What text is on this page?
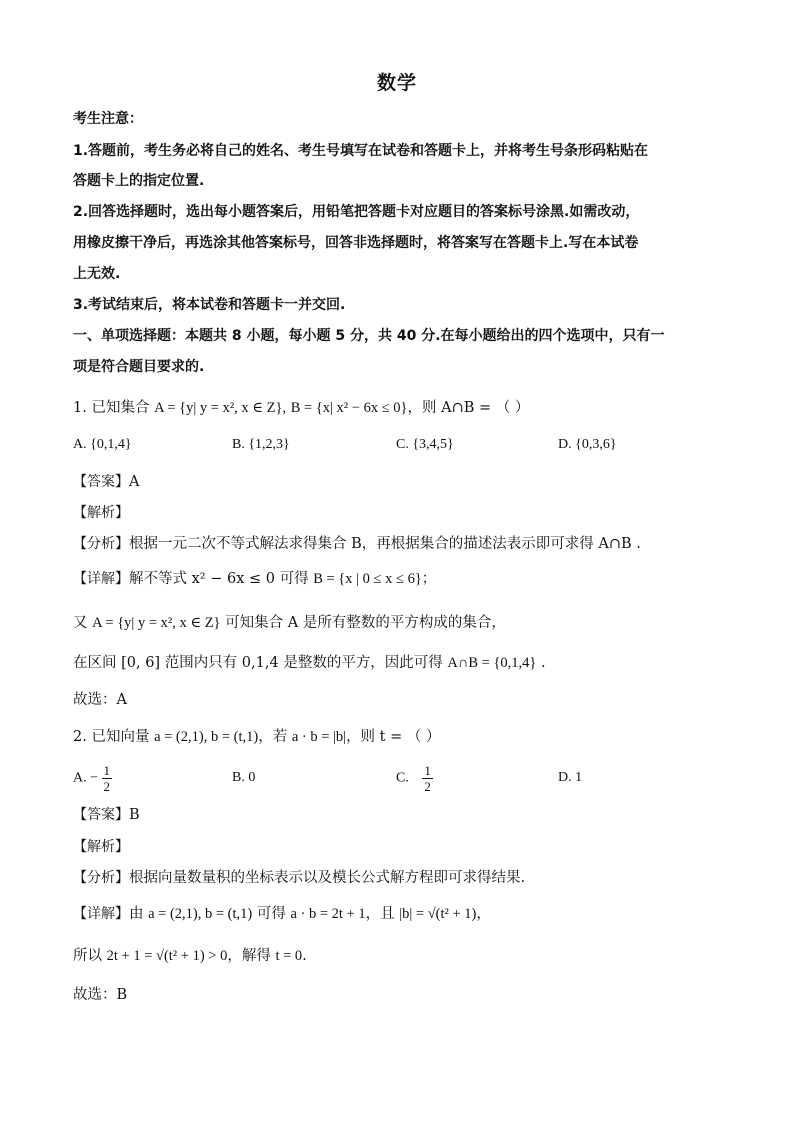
数学
考生注意：
1.答题前，考生务必将自己的姓名、考生号填写在试卷和答题卡上，并将考生号条形码粘贴在
答题卡上的指定位置.
2.回答选择题时，选出每小题答案后，用铅笔把答题卡对应题目的答案标号涂黑.如需改动，
用橡皮擦干净后，再选涂其他答案标号，回答非选择题时，将答案写在答题卡上.写在本试卷
上无效.
3.考试结束后，将本试卷和答题卡一并交回.
一、单项选择题：本题共 8 小题，每小题 5 分，共 40 分.在每小题给出的四个选项中，只有一
项是符合题目要求的.
1. 已知集合 A = {y| y = x², x ∈ Z}, B = {x| x² − 6x ≤ 0}，则 A∩B = （ ）
A. {0,1,4}	B. {1,2,3}	C. {3,4,5}	D. {0,3,6}
【答案】A
【解析】
【分析】根据一元二次不等式解法求得集合 B，再根据集合的描述法表示即可求得 A∩B .
【详解】解不等式 x² − 6x ≤ 0 可得 B = {x | 0 ≤ x ≤ 6}；
又 A = {y| y = x², x ∈ Z} 可知集合 A 是所有整数的平方构成的集合，
在区间 [0, 6] 范围内只有 0,1,4 是整数的平方，因此可得 A∩B = {0,1,4} .
故选：A
2. 已知向量 a = (2,1), b = (t,1)，若 a · b = |b|，则 t = （ ）
A. − $\frac{1}{2}$	B. 0	C. $\frac{1}{2}$	D. 1
【答案】B
【解析】
【分析】根据向量数量积的坐标表示以及模长公式解方程即可求得结果.
【详解】由 a = (2,1), b = (t,1) 可得 a · b = 2t + 1，且 |b| = √(t² + 1)，
所以 2t + 1 = √(t² + 1) > 0，解得 t = 0.
故选：B
